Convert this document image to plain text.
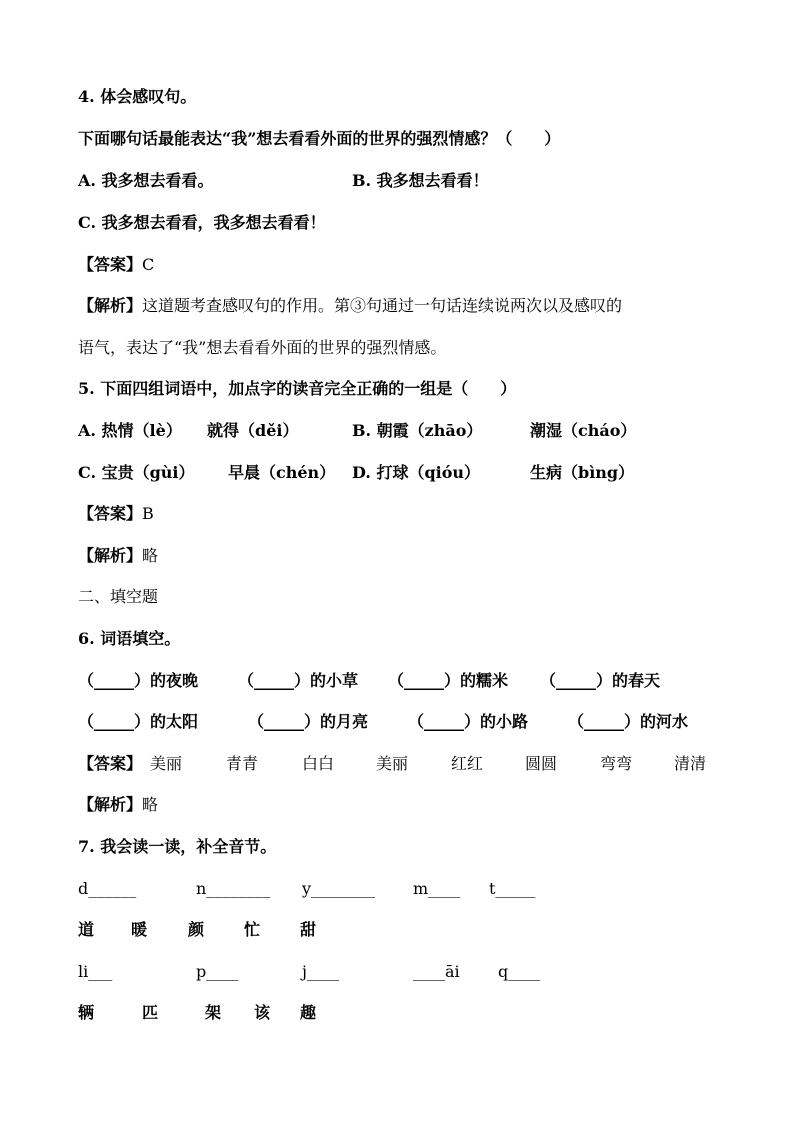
4. 体会感叹句。
下面哪句话最能表达“我”想去看看外面的世界的强烈情感？（　　）
A. 我多想去看看。	B. 我多想去看看！
C. 我多想去看看，我多想去看看！
【答案】C
【解析】这道题考查感叹句的作用。第③句通过一句话连续说两次以及感叹的
语气，表达了“我”想去看看外面的世界的强烈情感。
5. 下面四组词语中，加点字的读音完全正确的一组是（　　）
A. 热情（lè） 就得（děi）	B. 朝霞（zhāo）	潮湿（cháo）
C. 宝贵（gùi） 早晨（chén） D. 打球（qióu）	生病（bìng）
【答案】B
【解析】略
二、填空题
6. 词语填空。
（_____）的夜晚 （_____）的小草 （_____）的糯米 （_____）的春天
（_____）的太阳	（_____）的月亮 （_____）的小路 （_____）的河水
【答案】 美丽	青青	白白	美丽	红红	圆圆	弯弯	清清
【解析】略
7. 我会读一读，补全音节。
d______	n________ y________ m____ t_____
道 暖	颜 忙 甜
li___	p____	j____	____āi q____
辆	匹	架 该 趣
